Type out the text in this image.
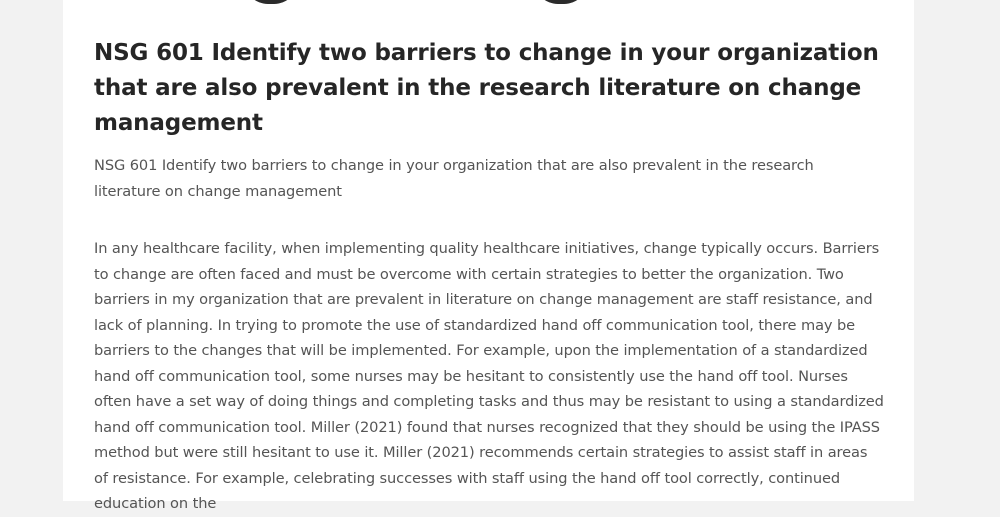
NSG 601 Identify two barriers to change in your organization that are also prevalent in the research literature on change management

NSG 601 Identify two barriers to change in your organization that are also prevalent in the research literature on change management

In any healthcare facility, when implementing quality healthcare initiatives, change typically occurs. Barriers to change are often faced and must be overcome with certain strategies to better the organization. Two barriers in my organization that are prevalent in literature on change management are staff resistance, and lack of planning. In trying to promote the use of standardized hand off communication tool, there may be barriers to the changes that will be implemented. For example, upon the implementation of a standardized hand off communication tool, some nurses may be hesitant to consistently use the hand off tool. Nurses often have a set way of doing things and completing tasks and thus may be resistant to using a standardized hand off communication tool. Miller (2021) found that nurses recognized that they should be using the IPASS method but were still hesitant to use it. Miller (2021) recommends certain strategies to assist staff in areas of resistance. For example, celebrating successes with staff using the hand off tool correctly, continued education on the
